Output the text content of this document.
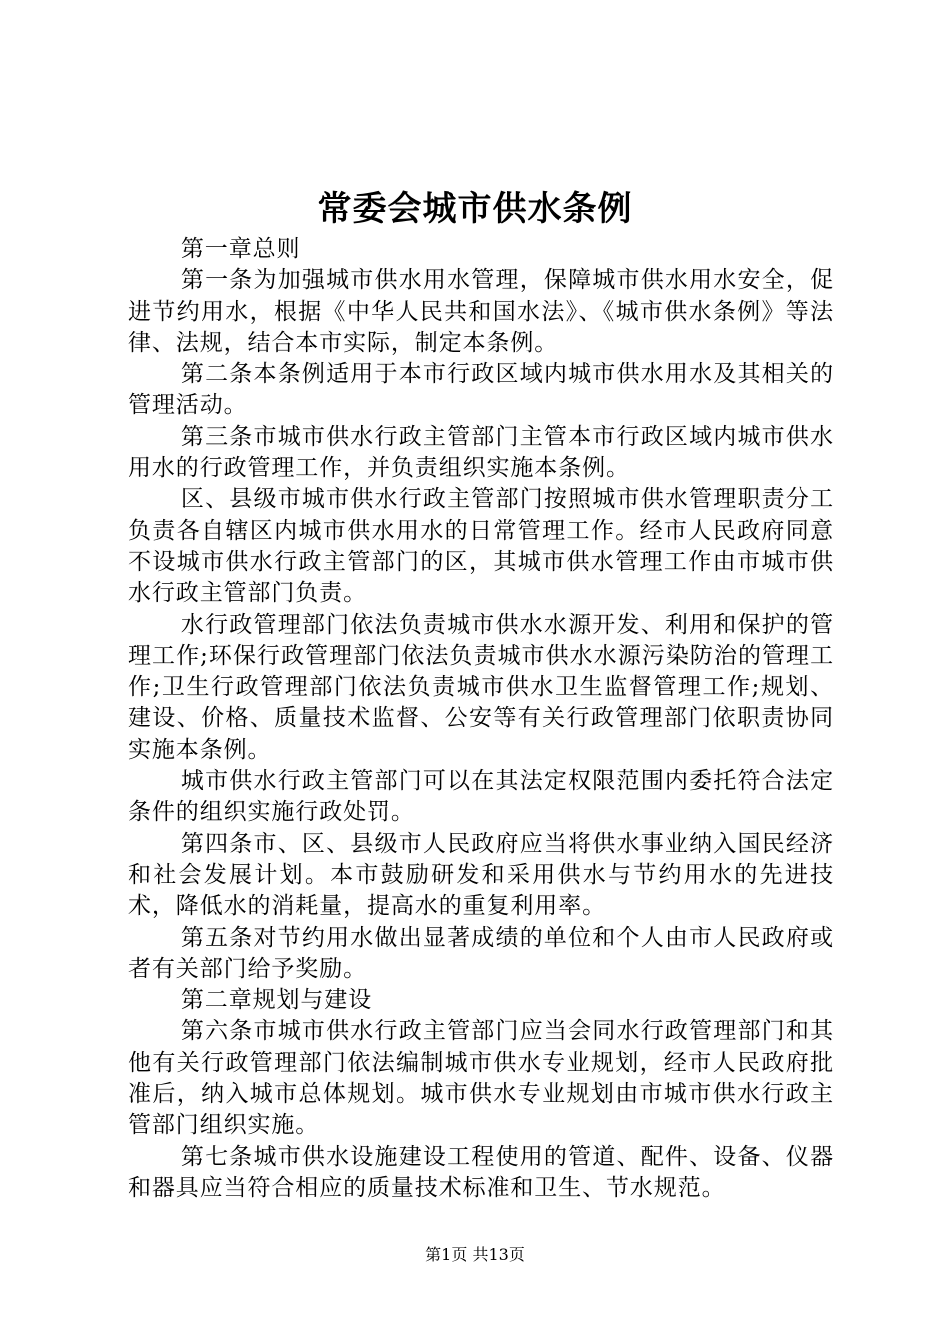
常委会城市供水条例

第一章总则

第一条为加强城市供水用水管理，保障城市供水用水安全，促进节约用水，根据《中华人民共和国水法》、《城市供水条例》等法律、法规，结合本市实际，制定本条例。

第二条本条例适用于本市行政区域内城市供水用水及其相关的管理活动。

第三条市城市供水行政主管部门主管本市行政区域内城市供水用水的行政管理工作，并负责组织实施本条例。

区、县级市城市供水行政主管部门按照城市供水管理职责分工负责各自辖区内城市供水用水的日常管理工作。经市人民政府同意不设城市供水行政主管部门的区，其城市供水管理工作由市城市供水行政主管部门负责。

水行政管理部门依法负责城市供水水源开发、利用和保护的管理工作;环保行政管理部门依法负责城市供水水源污染防治的管理工作;卫生行政管理部门依法负责城市供水卫生监督管理工作;规划、建设、价格、质量技术监督、公安等有关行政管理部门依职责协同实施本条例。

城市供水行政主管部门可以在其法定权限范围内委托符合法定条件的组织实施行政处罚。

第四条市、区、县级市人民政府应当将供水事业纳入国民经济和社会发展计划。本市鼓励研发和采用供水与节约用水的先进技术，降低水的消耗量，提高水的重复利用率。

第五条对节约用水做出显著成绩的单位和个人由市人民政府或者有关部门给予奖励。

第二章规划与建设

第六条市城市供水行政主管部门应当会同水行政管理部门和其他有关行政管理部门依法编制城市供水专业规划，经市人民政府批准后，纳入城市总体规划。城市供水专业规划由市城市供水行政主管部门组织实施。

第七条城市供水设施建设工程使用的管道、配件、设备、仪器和器具应当符合相应的质量技术标准和卫生、节水规范。

第1页 共13页
